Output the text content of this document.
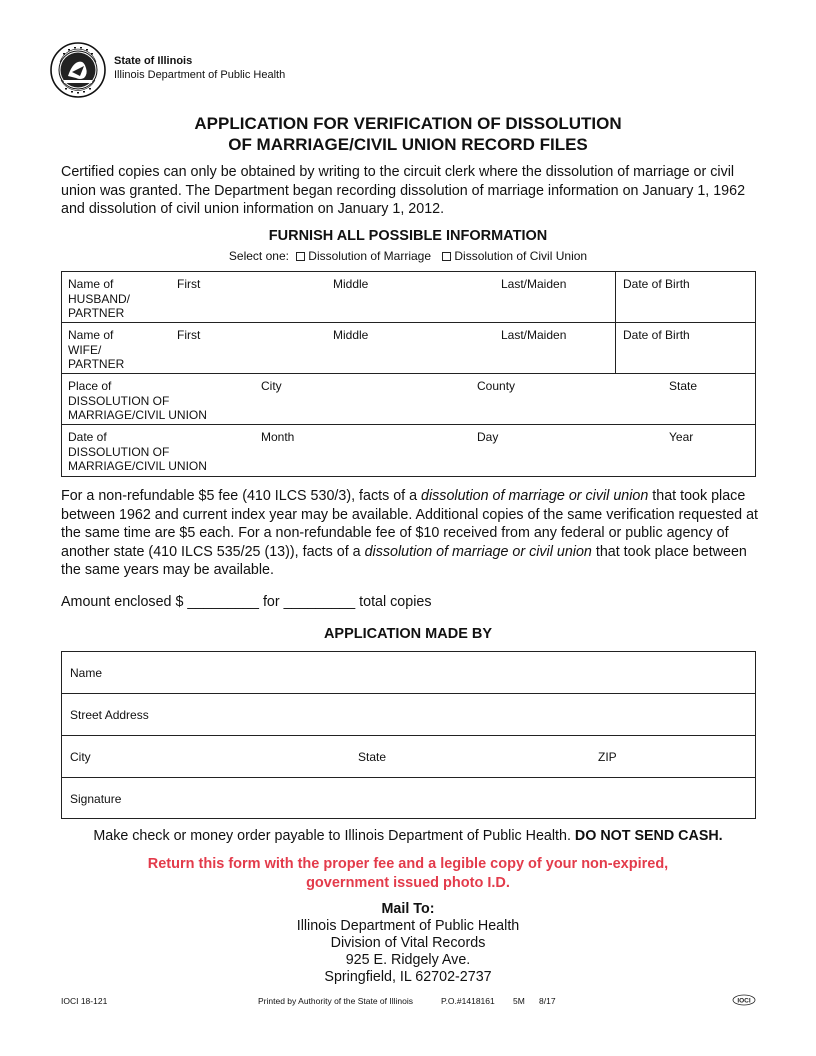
State of Illinois
Illinois Department of Public Health
APPLICATION FOR VERIFICATION OF DISSOLUTION
OF MARRIAGE/CIVIL UNION RECORD FILES
Certified copies can only be obtained by writing to the circuit clerk where the dissolution of marriage or civil union was granted. The Department began recording dissolution of marriage information on January 1, 1962 and dissolution of civil union information on January 1, 2012.
FURNISH ALL POSSIBLE INFORMATION
Select one: Dissolution of Marriage Dissolution of Civil Union
Name of
HUSBAND/
PARTNER
First	Middle	Last/Maiden	Date of Birth
Name of
WIFE/
PARTNER
First	Middle	Last/Maiden	Date of Birth
Place of
DISSOLUTION OF
MARRIAGE/CIVIL UNION
City	County	State
Date of
DISSOLUTION OF
MARRIAGE/CIVIL UNION
Month	Day	Year
For a non-refundable $5 fee (410 ILCS 530/3), facts of a dissolution of marriage or civil union that took place between 1962 and current index year may be available. Additional copies of the same verification requested at the same time are $5 each. For a non-refundable fee of $10 received from any federal or public agency of another state (410 ILCS 535/25 (13)), facts of a dissolution of marriage or civil union that took place between the same years may be available.
Amount enclosed $ _________ for _________ total copies
APPLICATION MADE BY
Name
Street Address
City	State	ZIP
Signature
Make check or money order payable to Illinois Department of Public Health. DO NOT SEND CASH.
Return this form with the proper fee and a legible copy of your non-expired,
government issued photo I.D.
Mail To:
Illinois Department of Public Health
Division of Vital Records
925 E. Ridgely Ave.
Springfield, IL 62702-2737
IOCI 18-121	Printed by Authority of the State of Illinois	P.O.#1418161 5M 8/17	IOCI
